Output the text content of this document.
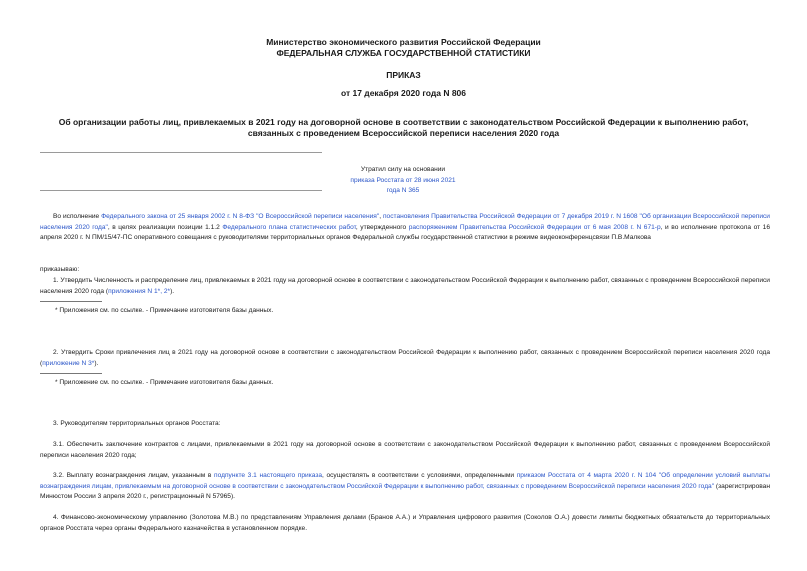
Министерство экономического развития Российской Федерации
ФЕДЕРАЛЬНАЯ СЛУЖБА ГОСУДАРСТВЕННОЙ СТАТИСТИКИ
ПРИКАЗ
от 17 декабря 2020 года N 806
Об организации работы лиц, привлекаемых в 2021 году на договорной основе в соответствии с законодательством Российской Федерации к выполнению работ,
связанных с проведением Всероссийской переписи населения 2020 года
Утратил силу на основании
приказа Росстата от 28 июня 2021 года N 365
Во исполнение Федерального закона от 25 января 2002 г. N 8-ФЗ "О Всероссийской переписи населения", постановления Правительства Российской Федерации от 7 декабря 2019 г. N 1608 "Об организации Всероссийской переписи населения 2020 года", в целях реализации позиции 1.1.2 Федерального плана статистических работ, утвержденного распоряжением Правительства Российской Федерации от 6 мая 2008 г. N 671-р, и во исполнение протокола от 16 апреля 2020 г. N ПМ/15/47-ПС оперативного совещания с руководителями территориальных органов Федеральной службы государственной статистики в режиме видеоконференцсвязи П.В.Малкова
приказываю:
1. Утвердить Численность и распределение лиц, привлекаемых в 2021 году на договорной основе в соответствии с законодательством Российской Федерации к выполнению работ, связанных с проведением Всероссийской переписи населения 2020 года (приложения N 1*, 2*).
* Приложения см. по ссылке. - Примечание изготовителя базы данных.
2. Утвердить Сроки привлечения лиц в 2021 году на договорной основе в соответствии с законодательством Российской Федерации к выполнению работ, связанных с проведением Всероссийской переписи населения 2020 года (приложение N 3*).
* Приложение см. по ссылке. - Примечание изготовителя базы данных.
3. Руководителям территориальных органов Росстата:
3.1. Обеспечить заключение контрактов с лицами, привлекаемыми в 2021 году на договорной основе в соответствии с законодательством Российской Федерации к выполнению работ, связанных с проведением Всероссийской переписи населения 2020 года;
3.2. Выплату вознаграждения лицам, указанным в подпункте 3.1 настоящего приказа, осуществлять в соответствии с условиями, определенными приказом Росстата от 4 марта 2020 г. N 104 "Об определении условий выплаты вознаграждения лицам, привлекаемым на договорной основе в соответствии с законодательством Российской Федерации к выполнению работ, связанных с проведением Всероссийской переписи населения 2020 года" (зарегистрирован Минюстом России 3 апреля 2020 г., регистрационный N 57965).
4. Финансово-экономическому управлению (Золотова М.В.) по представлениям Управления делами (Бранов А.А.) и Управления цифрового развития (Соколов О.А.) довести лимиты бюджетных обязательств до территориальных органов Росстата через органы Федерального казначейства в установленном порядке.
